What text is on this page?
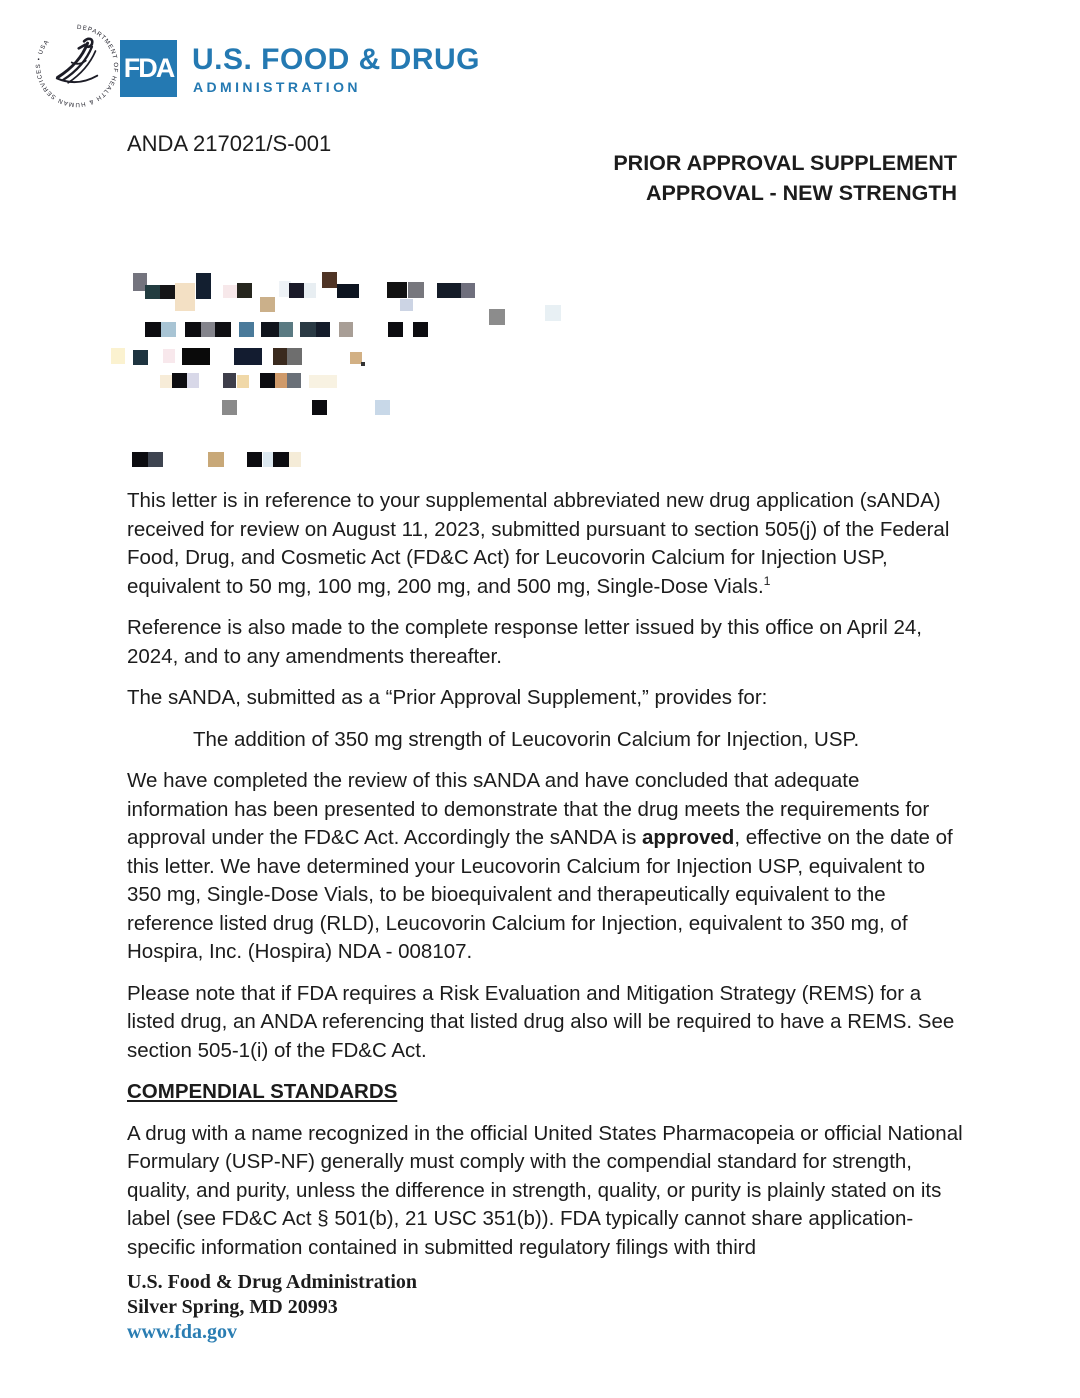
DEPARTMENT OF HEALTH & HUMAN SERVICES • USA
FDA U.S. FOOD & DRUG
ADMINISTRATION
ANDA 217021/S-001
PRIOR APPROVAL SUPPLEMENT
APPROVAL - NEW STRENGTH

This letter is in reference to your supplemental abbreviated new drug application (sANDA) received for review on August 11, 2023, submitted pursuant to section 505(j) of the Federal Food, Drug, and Cosmetic Act (FD&C Act) for Leucovorin Calcium for Injection USP, equivalent to 50 mg, 100 mg, 200 mg, and 500 mg, Single-Dose Vials.$^1$

Reference is also made to the complete response letter issued by this office on April 24, 2024, and to any amendments thereafter.

The sANDA, submitted as a “Prior Approval Supplement,” provides for:

The addition of 350 mg strength of Leucovorin Calcium for Injection, USP.

We have completed the review of this sANDA and have concluded that adequate information has been presented to demonstrate that the drug meets the requirements for approval under the FD&C Act. Accordingly the sANDA is approved, effective on the date of this letter. We have determined your Leucovorin Calcium for Injection USP, equivalent to 350 mg, Single-Dose Vials, to be bioequivalent and therapeutically equivalent to the reference listed drug (RLD), Leucovorin Calcium for Injection, equivalent to 350 mg, of Hospira, Inc. (Hospira) NDA - 008107.

Please note that if FDA requires a Risk Evaluation and Mitigation Strategy (REMS) for a listed drug, an ANDA referencing that listed drug also will be required to have a REMS. See section 505-1(i) of the FD&C Act.

COMPENDIAL STANDARDS

A drug with a name recognized in the official United States Pharmacopeia or official National Formulary (USP-NF) generally must comply with the compendial standard for strength, quality, and purity, unless the difference in strength, quality, or purity is plainly stated on its label (see FD&C Act § 501(b), 21 USC 351(b)). FDA typically cannot share application-specific information contained in submitted regulatory filings with third

U.S. Food & Drug Administration
Silver Spring, MD 20993
www.fda.gov
